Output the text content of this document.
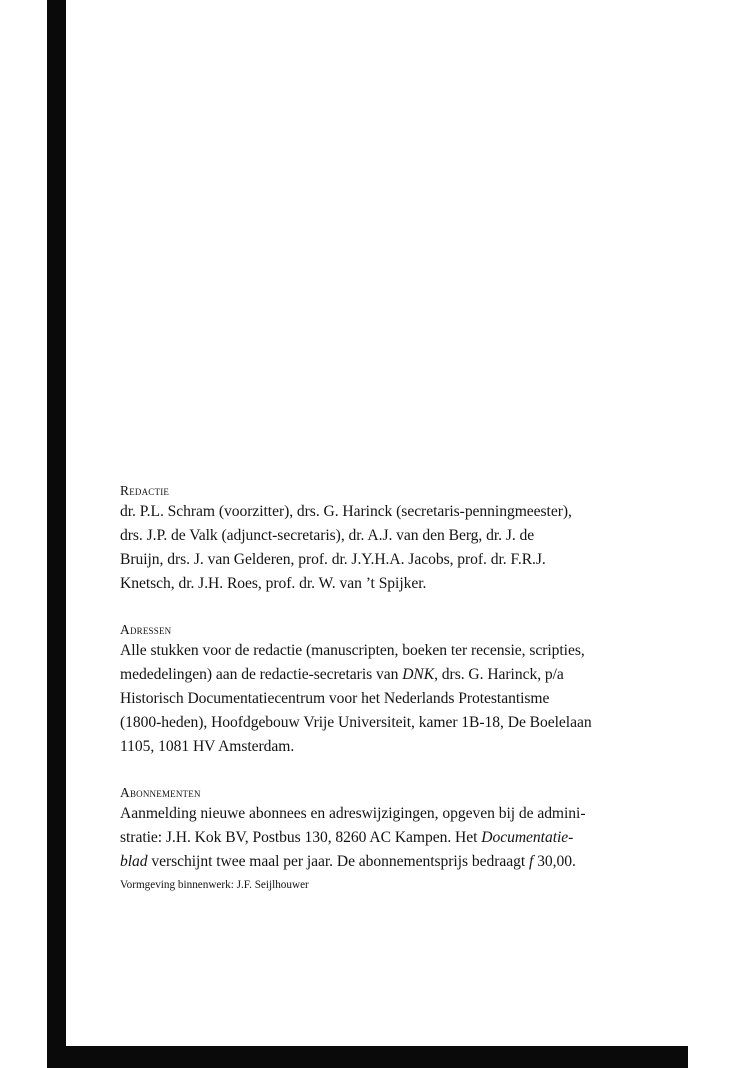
Redactie

dr. P.L. Schram (voorzitter), drs. G. Harinck (secretaris-penningmeester),
drs. J.P. de Valk (adjunct-secretaris), dr. A.J. van den Berg, dr. J. de
Bruijn, drs. J. van Gelderen, prof. dr. J.Y.H.A. Jacobs, prof. dr. F.R.J.
Knetsch, dr. J.H. Roes, prof. dr. W. van ’t Spijker.

Adressen

Alle stukken voor de redactie (manuscripten, boeken ter recensie, scripties,
mededelingen) aan de redactie-secretaris van DNK, drs. G. Harinck, p/a
Historisch Documentatiecentrum voor het Nederlands Protestantisme
(1800-heden), Hoofdgebouw Vrije Universiteit, kamer 1B-18, De Boelelaan
1105, 1081 HV Amsterdam.

Abonnementen

Aanmelding nieuwe abonnees en adreswijzigingen, opgeven bij de admini-
stratie: J.H. Kok BV, Postbus 130, 8260 AC Kampen. Het Documentatie-
blad verschijnt twee maal per jaar. De abonnementsprijs bedraagt f 30,00.

Vormgeving binnenwerk: J.F. Seijlhouwer
